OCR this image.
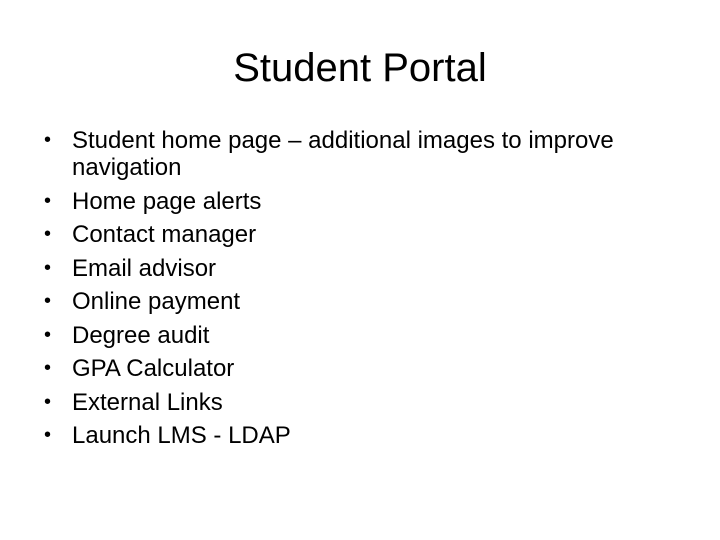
Student Portal
• Student home page – additional images to improve navigation
• Home page alerts
• Contact manager
• Email advisor
• Online payment
• Degree audit
• GPA Calculator
• External Links
• Launch LMS - LDAP
